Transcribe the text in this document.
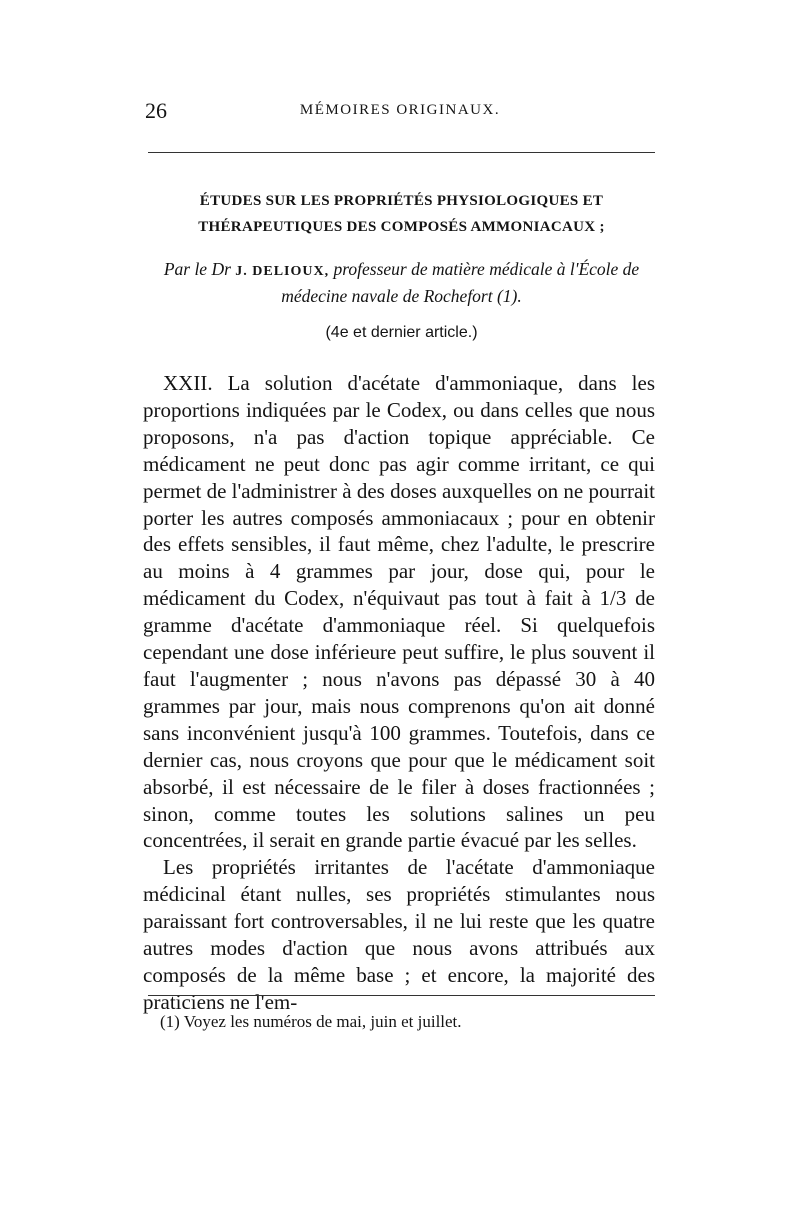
26	MÉMOIRES ORIGINAUX.
ÉTUDES SUR LES PROPRIÉTÉS PHYSIOLOGIQUES ET THÉRAPEUTIQUES DES COMPOSÉS AMMONIACAUX ;
Par le Dr J. DELIOUX, professeur de matière médicale à l'École de médecine navale de Rochefort (1).
(4e et dernier article.)

XXII. La solution d'acétate d'ammoniaque, dans les proportions indiquées par le Codex, ou dans celles que nous proposons, n'a pas d'action topique appréciable. Ce médicament ne peut donc pas agir comme irritant, ce qui permet de l'administrer à des doses auxquelles on ne pourrait porter les autres composés ammoniacaux ; pour en obtenir des effets sensibles, il faut même, chez l'adulte, le prescrire au moins à 4 grammes par jour, dose qui, pour le médicament du Codex, n'équivaut pas tout à fait à 1/3 de gramme d'acétate d'ammoniaque réel. Si quelquefois cependant une dose inférieure peut suffire, le plus souvent il faut l'augmenter ; nous n'avons pas dépassé 30 à 40 grammes par jour, mais nous comprenons qu'on ait donné sans inconvénient jusqu'à 100 grammes. Toutefois, dans ce dernier cas, nous croyons que pour que le médicament soit absorbé, il est nécessaire de le filer à doses fractionnées ; sinon, comme toutes les solutions salines un peu concentrées, il serait en grande partie évacué par les selles.

Les propriétés irritantes de l'acétate d'ammoniaque médicinal étant nulles, ses propriétés stimulantes nous paraissant fort controversables, il ne lui reste que les quatre autres modes d'action que nous avons attribués aux composés de la même base ; et encore, la majorité des praticiens ne l'em-

(1) Voyez les numéros de mai, juin et juillet.
